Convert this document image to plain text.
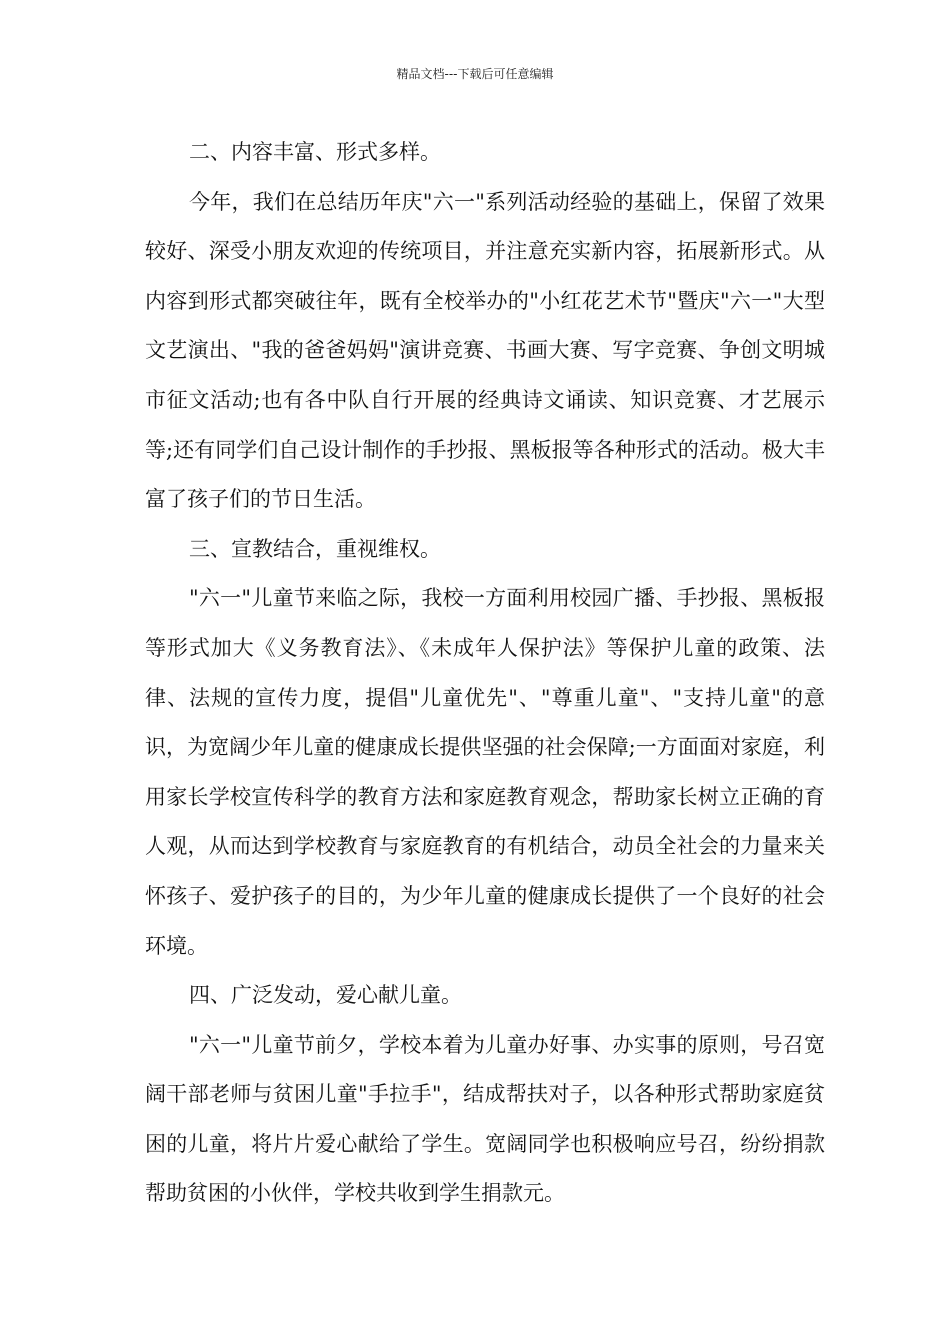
精品文档---下载后可任意编辑

二、内容丰富、形式多样。

今年，我们在总结历年庆"六一"系列活动经验的基础上，保留了效果较好、深受小朋友欢迎的传统项目，并注意充实新内容，拓展新形式。从内容到形式都突破往年，既有全校举办的"小红花艺术节"暨庆"六一"大型文艺演出、"我的爸爸妈妈"演讲竞赛、书画大赛、写字竞赛、争创文明城市征文活动;也有各中队自行开展的经典诗文诵读、知识竞赛、才艺展示等;还有同学们自己设计制作的手抄报、黑板报等各种形式的活动。极大丰富了孩子们的节日生活。

三、宣教结合，重视维权。

"六一"儿童节来临之际，我校一方面利用校园广播、手抄报、黑板报等形式加大《义务教育法》、《未成年人保护法》等保护儿童的政策、法律、法规的宣传力度，提倡"儿童优先"、"尊重儿童"、"支持儿童"的意识，为宽阔少年儿童的健康成长提供坚强的社会保障;一方面面对家庭，利用家长学校宣传科学的教育方法和家庭教育观念，帮助家长树立正确的育人观，从而达到学校教育与家庭教育的有机结合，动员全社会的力量来关怀孩子、爱护孩子的目的，为少年儿童的健康成长提供了一个良好的社会环境。

四、广泛发动，爱心献儿童。

"六一"儿童节前夕，学校本着为儿童办好事、办实事的原则，号召宽阔干部老师与贫困儿童"手拉手"，结成帮扶对子，以各种形式帮助家庭贫困的儿童，将片片爱心献给了学生。宽阔同学也积极响应号召，纷纷捐款帮助贫困的小伙伴，学校共收到学生捐款元。
